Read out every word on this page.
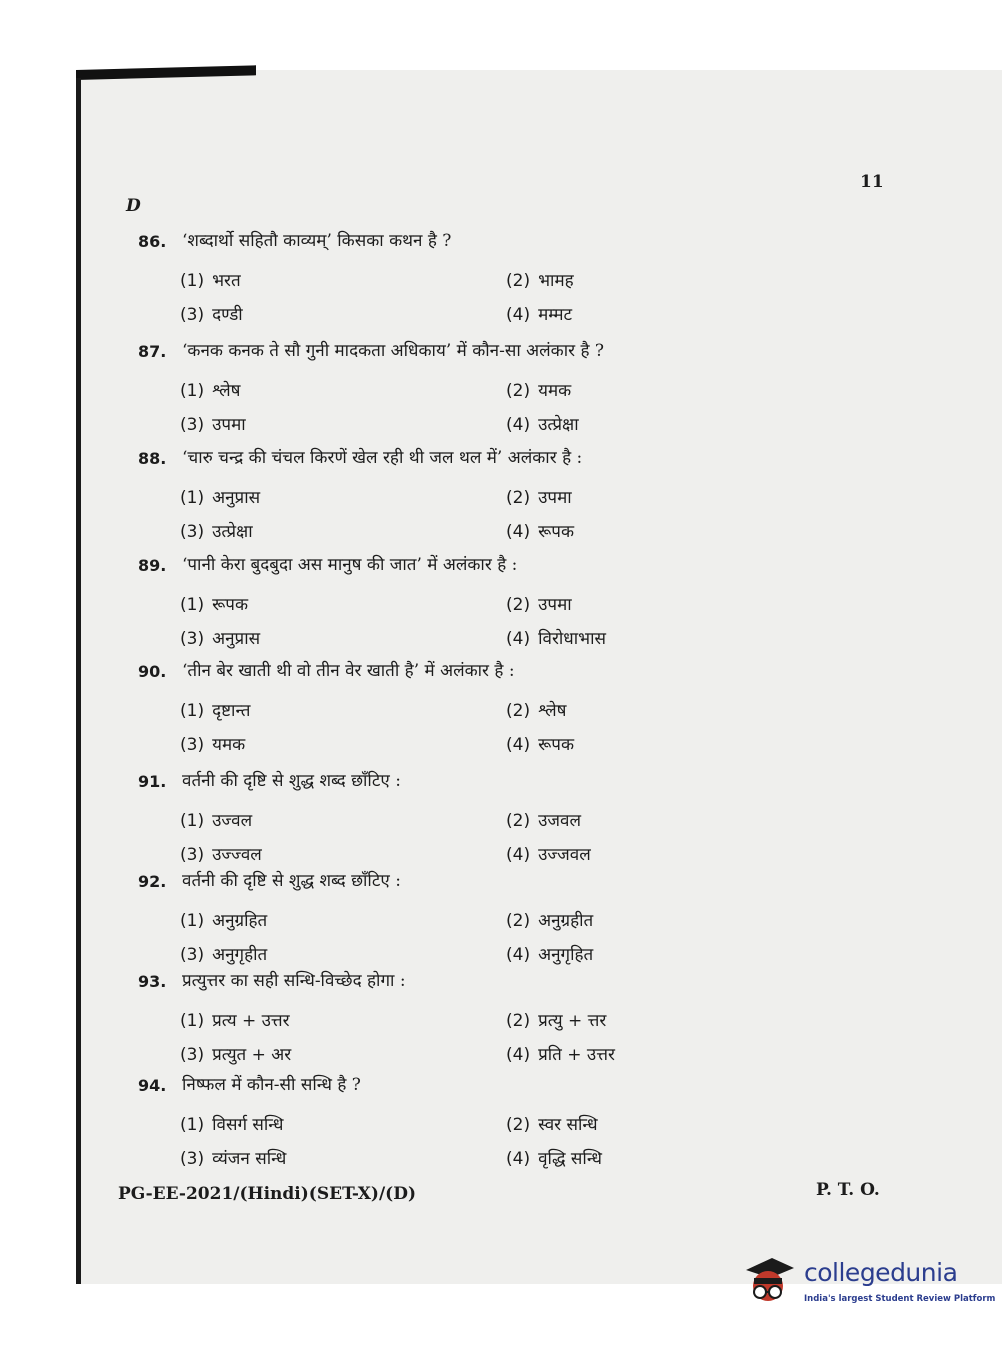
11
D
86. ‘शब्दार्थो सहितौ काव्यम्’ किसका कथन है ?
(1) भरत	(2) भामह
(3) दण्डी	(4) मम्मट
87. ‘कनक कनक ते सौ गुनी मादकता अधिकाय’ में कौन-सा अलंकार है ?
(1) श्लेष	(2) यमक
(3) उपमा	(4) उत्प्रेक्षा
88. ‘चारु चन्द्र की चंचल किरणें खेल रही थी जल थल में’ अलंकार है :
(1) अनुप्रास	(2) उपमा
(3) उत्प्रेक्षा	(4) रूपक
89. ‘पानी केरा बुदबुदा अस मानुष की जात’ में अलंकार है :
(1) रूपक	(2) उपमा
(3) अनुप्रास	(4) विरोधाभास
90. ‘तीन बेर खाती थी वो तीन वेर खाती है’ में अलंकार है :
(1) दृष्टान्त	(2) श्लेष
(3) यमक	(4) रूपक
91. वर्तनी की दृष्टि से शुद्ध शब्द छाँटिए :
(1) उज्वल	(2) उजवल
(3) उज्ज्वल	(4) उज्जवल
92. वर्तनी की दृष्टि से शुद्ध शब्द छाँटिए :
(1) अनुग्रहित	(2) अनुग्रहीत
(3) अनुगृहीत	(4) अनुगृहित
93. प्रत्युत्तर का सही सन्धि-विच्छेद होगा :
(1) प्रत्य + उत्तर	(2) प्रत्यु + त्तर
(3) प्रत्युत + अर	(4) प्रति + उत्तर
94. निष्फल में कौन-सी सन्धि है ?
(1) विसर्ग सन्धि	(2) स्वर सन्धि
(3) व्यंजन सन्धि	(4) वृद्धि सन्धि
PG-EE-2021/(Hindi)(SET-X)/(D)	P. T. O.
collegedunia
India's largest Student Review Platform
